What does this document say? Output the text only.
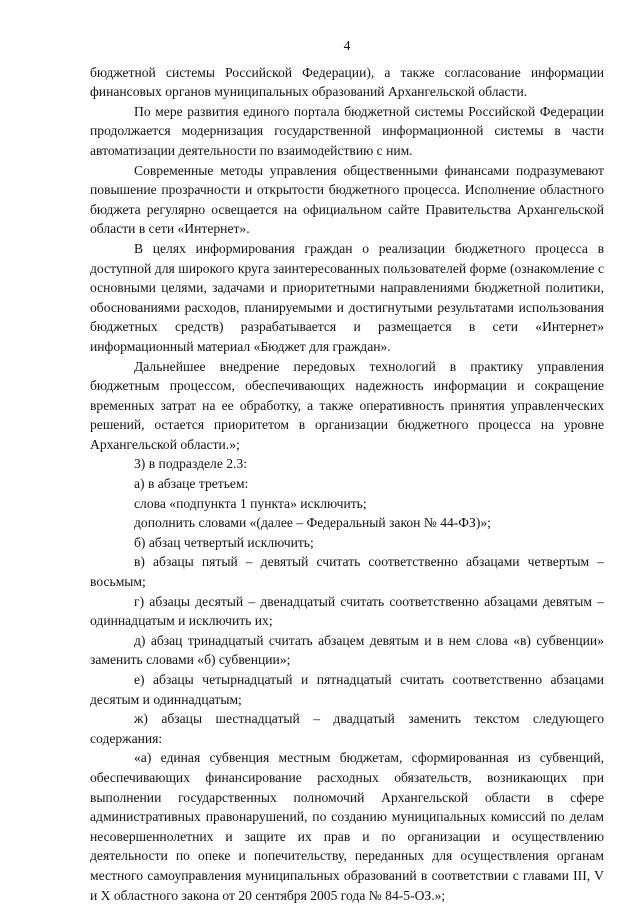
4

бюджетной системы Российской Федерации), а также согласование информации финансовых органов муниципальных образований Архангельской области.

По мере развития единого портала бюджетной системы Российской Федерации продолжается модернизация государственной информационной системы в части автоматизации деятельности по взаимодействию с ним.

Современные методы управления общественными финансами подразумевают повышение прозрачности и открытости бюджетного процесса. Исполнение областного бюджета регулярно освещается на официальном сайте Правительства Архангельской области в сети «Интернет».

В целях информирования граждан о реализации бюджетного процесса в доступной для широкого круга заинтересованных пользователей форме (ознакомление с основными целями, задачами и приоритетными направлениями бюджетной политики, обоснованиями расходов, планируемыми и достигнутыми результатами использования бюджетных средств) разрабатывается и размещается в сети «Интернет» информационный материал «Бюджет для граждан».

Дальнейшее внедрение передовых технологий в практику управления бюджетным процессом, обеспечивающих надежность информации и сокращение временных затрат на ее обработку, а также оперативность принятия управленческих решений, остается приоритетом в организации бюджетного процесса на уровне Архангельской области.»;

3) в подразделе 2.3:

а) в абзаце третьем:

слова «подпункта 1 пункта» исключить;

дополнить словами «(далее – Федеральный закон № 44-ФЗ)»;

б) абзац четвертый исключить;

в) абзацы пятый – девятый считать соответственно абзацами четвертым – восьмым;

г) абзацы десятый – двенадцатый считать соответственно абзацами девятым – одиннадцатым и исключить их;

д) абзац тринадцатый считать абзацем девятым и в нем слова «в) субвенции» заменить словами «б) субвенции»;

е) абзацы четырнадцатый и пятнадцатый считать соответственно абзацами десятым и одиннадцатым;

ж) абзацы шестнадцатый – двадцатый заменить текстом следующего содержания:

«а) единая субвенция местным бюджетам, сформированная из субвенций, обеспечивающих финансирование расходных обязательств, возникающих при выполнении государственных полномочий Архангельской области в сфере административных правонарушений, по созданию муниципальных комиссий по делам несовершеннолетних и защите их прав и по организации и осуществлению деятельности по опеке и попечительству, переданных для осуществления органам местного самоуправления муниципальных образований в соответствии с главами III, V и X областного закона от 20 сентября 2005 года № 84-5-ОЗ.»;
